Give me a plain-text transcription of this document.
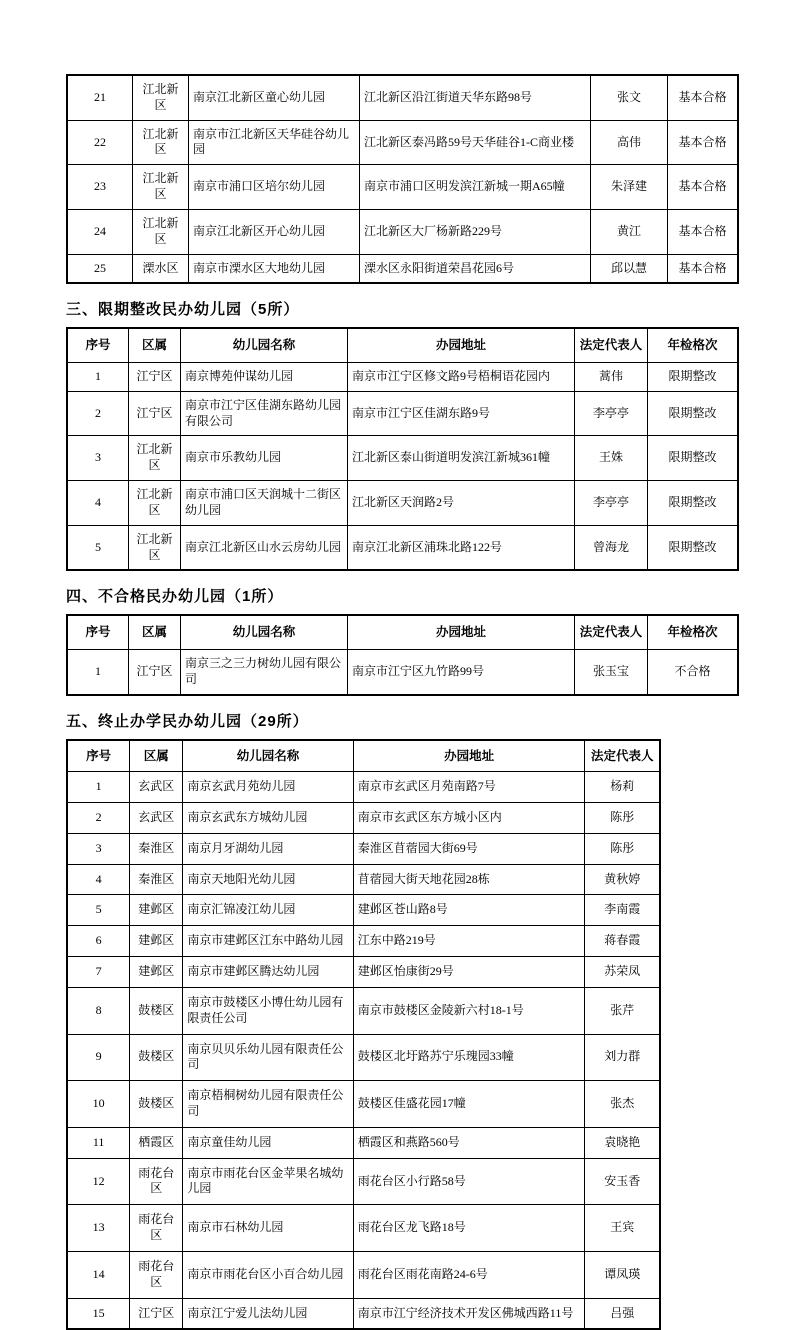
21	江北新区	南京江北新区童心幼儿园	江北新区沿江街道天华东路98号	张文	基本合格
22	江北新区	南京市江北新区天华硅谷幼儿园	江北新区泰冯路59号天华硅谷1-C商业楼	高伟	基本合格
23	江北新区	南京市浦口区培尔幼儿园	南京市浦口区明发滨江新城一期A65幢	朱泽建	基本合格
24	江北新区	南京江北新区开心幼儿园	江北新区大厂杨新路229号	黄江	基本合格
25	溧水区	南京市溧水区大地幼儿园	溧水区永阳街道荣昌花园6号	邱以慧	基本合格
三、限期整改民办幼儿园（5所）
序号	区属	幼儿园名称	办园地址	法定代表人	年检格次
1	江宁区	南京博苑仲谋幼儿园	南京市江宁区修文路9号梧桐语花园内	蒿伟	限期整改
2	江宁区	南京市江宁区佳湖东路幼儿园有限公司	南京市江宁区佳湖东路9号	李亭亭	限期整改
3	江北新区	南京市乐教幼儿园	江北新区泰山街道明发滨江新城361幢	王姝	限期整改
4	江北新区	南京市浦口区天润城十二街区幼儿园	江北新区天润路2号	李亭亭	限期整改
5	江北新区	南京江北新区山水云房幼儿园	南京江北新区浦珠北路122号	曾海龙	限期整改
四、不合格民办幼儿园（1所）
序号	区属	幼儿园名称	办园地址	法定代表人	年检格次
1	江宁区	南京三之三力树幼儿园有限公司	南京市江宁区九竹路99号	张玉宝	不合格
五、终止办学民办幼儿园（29所）
序号	区属	幼儿园名称	办园地址	法定代表人
1	玄武区	南京玄武月苑幼儿园	南京市玄武区月苑南路7号	杨莉
2	玄武区	南京玄武东方城幼儿园	南京市玄武区东方城小区内	陈彤
3	秦淮区	南京月牙湖幼儿园	秦淮区苜蓿园大街69号	陈彤
4	秦淮区	南京天地阳光幼儿园	苜蓿园大街天地花园28栋	黄秋婷
5	建邺区	南京汇锦凌江幼儿园	建邺区苍山路8号	李南霞
6	建邺区	南京市建邺区江东中路幼儿园	江东中路219号	蒋春霞
7	建邺区	南京市建邺区腾达幼儿园	建邺区怡康街29号	苏荣凤
8	鼓楼区	南京市鼓楼区小博仕幼儿园有限责任公司	南京市鼓楼区金陵新六村18-1号	张芹
9	鼓楼区	南京贝贝乐幼儿园有限责任公司	鼓楼区北圩路苏宁乐瑰园33幢	刘力群
10	鼓楼区	南京梧桐树幼儿园有限责任公司	鼓楼区佳盛花园17幢	张杰
11	栖霞区	南京童佳幼儿园	栖霞区和燕路560号	袁晓艳
12	雨花台区	南京市雨花台区金苹果名城幼儿园	雨花台区小行路58号	安玉香
13	雨花台区	南京市石林幼儿园	雨花台区龙飞路18号	王宾
14	雨花台区	南京市雨花台区小百合幼儿园	雨花台区雨花南路24-6号	谭凤瑛
15	江宁区	南京江宁爱儿法幼儿园	南京市江宁经济技术开发区佛城西路11号	吕强
